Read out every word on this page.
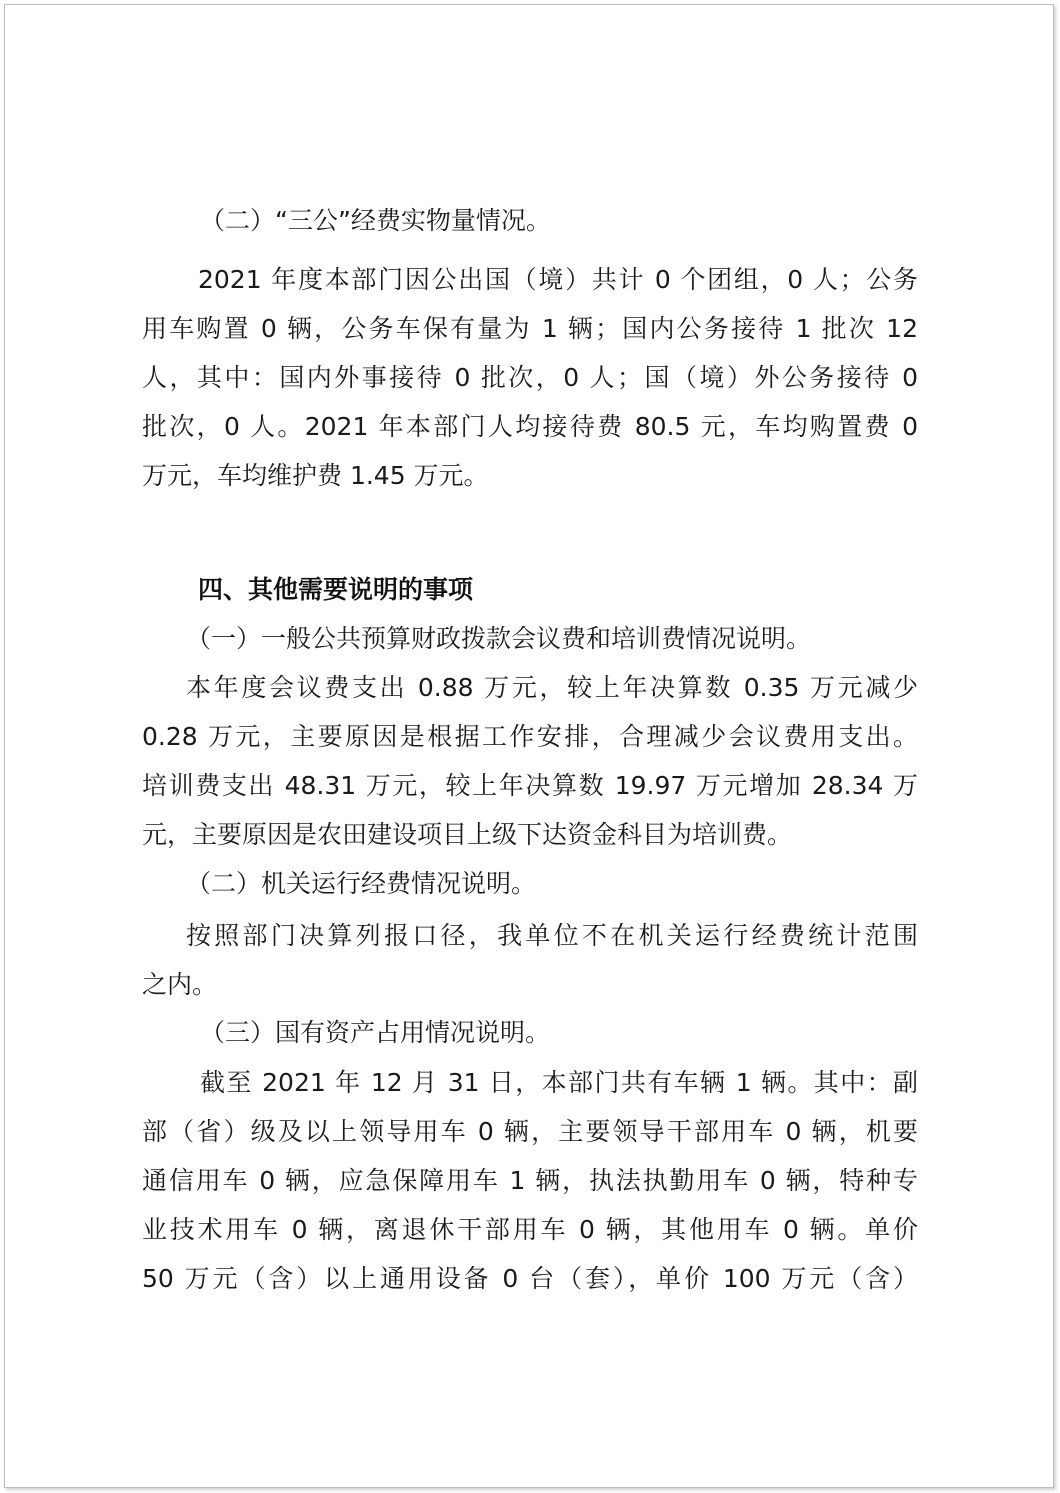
（二）“三公”经费实物量情况。
2021 年度本部门因公出国（境）共计 0 个团组，0 人；公务
用车购置 0 辆，公务车保有量为 1 辆；国内公务接待 1 批次 12
人，其中：国内外事接待 0 批次，0 人；国（境）外公务接待 0
批次，0 人。2021 年本部门人均接待费 80.5 元，车均购置费 0
万元，车均维护费 1.45 万元。
四、其他需要说明的事项
（一）一般公共预算财政拨款会议费和培训费情况说明。
本年度会议费支出 0.88 万元，较上年决算数 0.35 万元减少
0.28 万元，主要原因是根据工作安排，合理减少会议费用支出。
培训费支出 48.31 万元，较上年决算数 19.97 万元增加 28.34 万
元，主要原因是农田建设项目上级下达资金科目为培训费。
（二）机关运行经费情况说明。
按照部门决算列报口径，我单位不在机关运行经费统计范围
之内。
（三）国有资产占用情况说明。
截至 2021 年 12 月 31 日，本部门共有车辆 1 辆。其中：副
部（省）级及以上领导用车 0 辆，主要领导干部用车 0 辆，机要
通信用车 0 辆，应急保障用车 1 辆，执法执勤用车 0 辆，特种专
业技术用车 0 辆，离退休干部用车 0 辆，其他用车 0 辆。单价
50 万元（含）以上通用设备 0 台（套），单价 100 万元（含）
